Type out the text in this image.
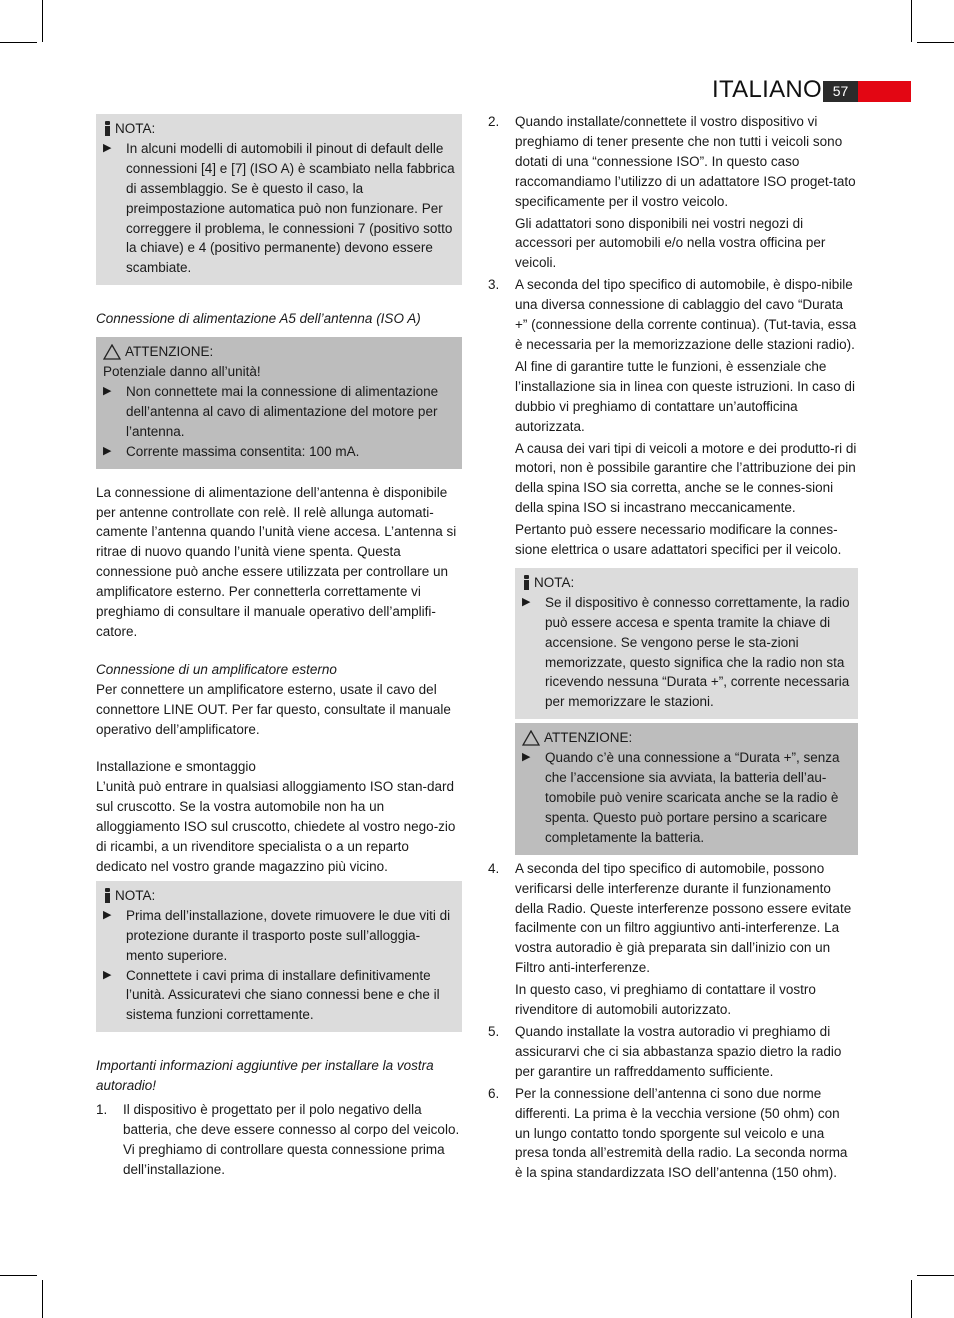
ITALIANO 57
NOTA:
▶	In alcuni modelli di automobili il pinout di default delle connessioni [4] e [7] (ISO A) è scambiato nella fabbrica di assemblaggio. Se è questo il caso, la preimpostazione automatica può non funzionare. Per correggere il problema, le connessioni 7 (positivo sotto la chiave) e 4 (positivo permanente) devono essere scambiate.

Connessione di alimentazione A5 dell’antenna (ISO A)

ATTENZIONE:

Potenziale danno all’unità!

▶	Non connettete mai la connessione di alimentazione dell’antenna al cavo di alimentazione del motore per l’antenna.
▶	Corrente massima consentita: 100 mA.

La connessione di alimentazione dell’antenna è disponibile per antenne controllate con relè. Il relè allunga automati-camente l’antenna quando l’unità viene accesa. L’antenna si ritrae di nuovo quando l’unità viene spenta. Questa connessione può anche essere utilizzata per controllare un amplificatore esterno. Per connetterla correttamente vi preghiamo di consultare il manuale operativo dell’amplifi-catore.

Connessione di un amplificatore esterno

Per connettere un amplificatore esterno, usate il cavo del connettore LINE OUT. Per far questo, consultate il manuale operativo dell’amplificatore.

Installazione e smontaggio

L’unità può entrare in qualsiasi alloggiamento ISO stan-dard sul cruscotto. Se la vostra automobile non ha un alloggiamento ISO sul cruscotto, chiedete al vostro nego-zio di ricambi, a un rivenditore specialista o a un reparto dedicato nel vostro grande magazzino più vicino.

NOTA:
▶	Prima dell’installazione, dovete rimuovere le due viti di protezione durante il trasporto poste sull’alloggia-mento superiore.
▶	Connettete i cavi prima di installare definitivamente l’unità. Assicuratevi che siano connessi bene e che il sistema funzioni correttamente.

Importanti informazioni aggiuntive per installare la vostra autoradio!

1.	Il dispositivo è progettato per il polo negativo della batteria, che deve essere connesso al corpo del veicolo. Vi preghiamo di controllare questa connessione prima dell’installazione.
2.	Quando installate/connettete il vostro dispositivo vi preghiamo di tener presente che non tutti i veicoli sono dotati di una “connessione ISO”. In questo caso raccomandiamo l’utilizzo di un adattatore ISO proget-tato specificamente per il vostro veicolo.

Gli adattatori sono disponibili nei vostri negozi di accessori per automobili e/o nella vostra officina per veicoli.

3.	A seconda del tipo specifico di automobile, è dispo-nibile una diversa connessione di cablaggio del cavo “Durata +” (connessione della corrente continua). (Tut-tavia, essa è necessaria per la memorizzazione delle stazioni radio).

Al fine di garantire tutte le funzioni, è essenziale che l’installazione sia in linea con queste istruzioni. In caso di dubbio vi preghiamo di contattare un’autofficina autorizzata.

A causa dei vari tipi di veicoli a motore e dei produtto-ri di motori, non è possibile garantire che l’attribuzione dei pin della spina ISO sia corretta, anche se le connes-sioni della spina ISO si incastrano meccanicamente.

Pertanto può essere necessario modificare la connes-sione elettrica o usare adattatori specifici per il veicolo.

NOTA:
▶	Se il dispositivo è connesso correttamente, la radio può essere accesa e spenta tramite la chiave di accensione. Se vengono perse le sta-zioni memorizzate, questo significa che la radio non sta ricevendo nessuna “Durata +”, corrente necessaria per memorizzare le stazioni.
ATTENZIONE:
▶	Quando c’è una connessione a “Durata +”, senza che l’accensione sia avviata, la batteria dell’au-tomobile può venire scaricata anche se la radio è spenta. Questo può portare persino a scaricare completamente la batteria.
4.	A seconda del tipo specifico di automobile, possono verificarsi delle interferenze durante il funzionamento della Radio. Queste interferenze possono essere evitate facilmente con un filtro aggiuntivo anti-interferenze. La vostra autoradio è già preparata sin dall’inizio con un Filtro anti-interferenze.

In questo caso, vi preghiamo di contattare il vostro rivenditore di automobili autorizzato.

5.	Quando installate la vostra autoradio vi preghiamo di assicurarvi che ci sia abbastanza spazio dietro la radio per garantire un raffreddamento sufficiente.
6.	Per la connessione dell’antenna ci sono due norme differenti. La prima è la vecchia versione (50 ohm) con un lungo contatto tondo sporgente sul veicolo e una presa tonda all’estremità della radio. La seconda norma è la spina standardizzata ISO dell’antenna (150 ohm).
